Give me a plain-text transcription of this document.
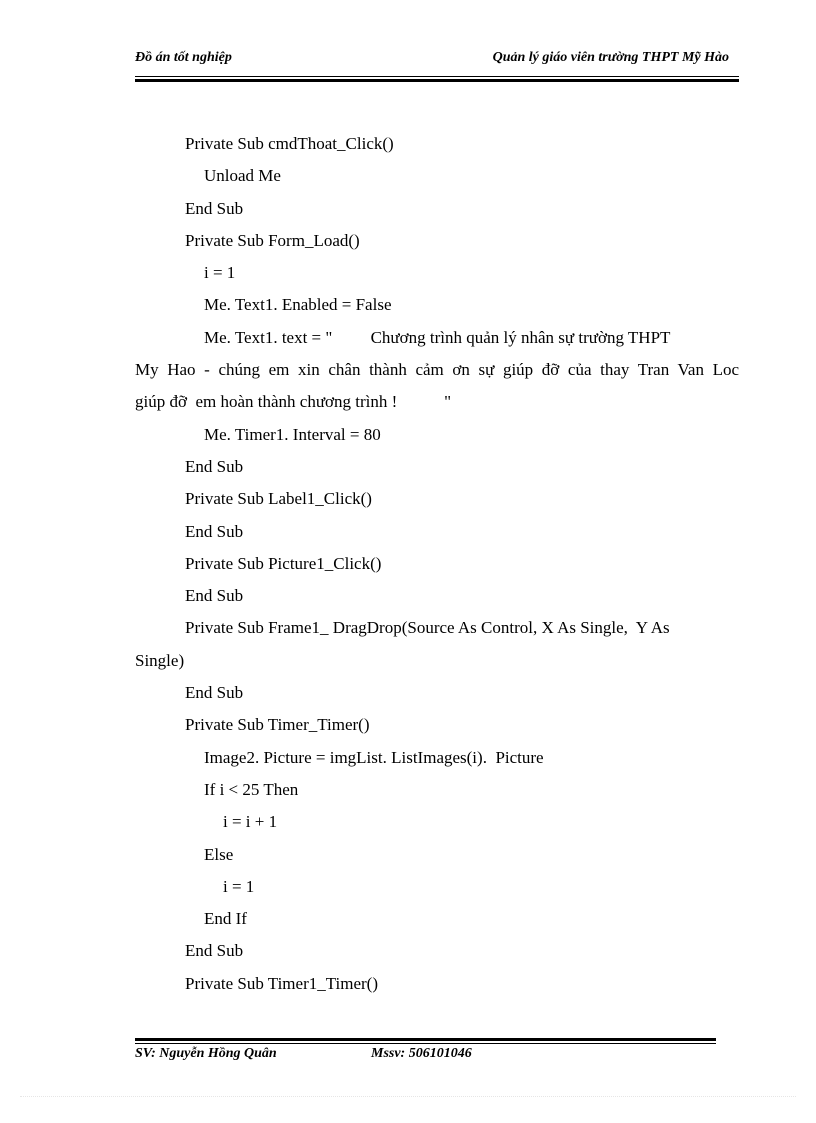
Đồ án tốt nghiệp	Quản lý giáo viên trường THPT Mỹ Hào
Private Sub cmdThoat_Click()
Unload Me
End Sub
Private Sub Form_Load()
i = 1
Me. Text1. Enabled = False
Me. Text1. text = "         Chương trình quản lý nhân sự trường THPT
My Hao - chúng em xin chân thành cảm ơn sự giúp đỡ của thay Tran Van Loc
giúp đỡ  em hoàn thành chương trình !           "
Me. Timer1. Interval = 80
End Sub
Private Sub Label1_Click()
End Sub
Private Sub Picture1_Click()
End Sub
Private Sub Frame1_ DragDrop(Source As Control, X As Single,  Y As
Single)
End Sub
Private Sub Timer_Timer()
Image2. Picture = imgList. ListImages(i).  Picture
If i < 25 Then
i = i + 1
Else
i = 1
End If
End Sub
Private Sub Timer1_Timer()
SV: Nguyễn Hồng Quân	Mssv: 506101046
